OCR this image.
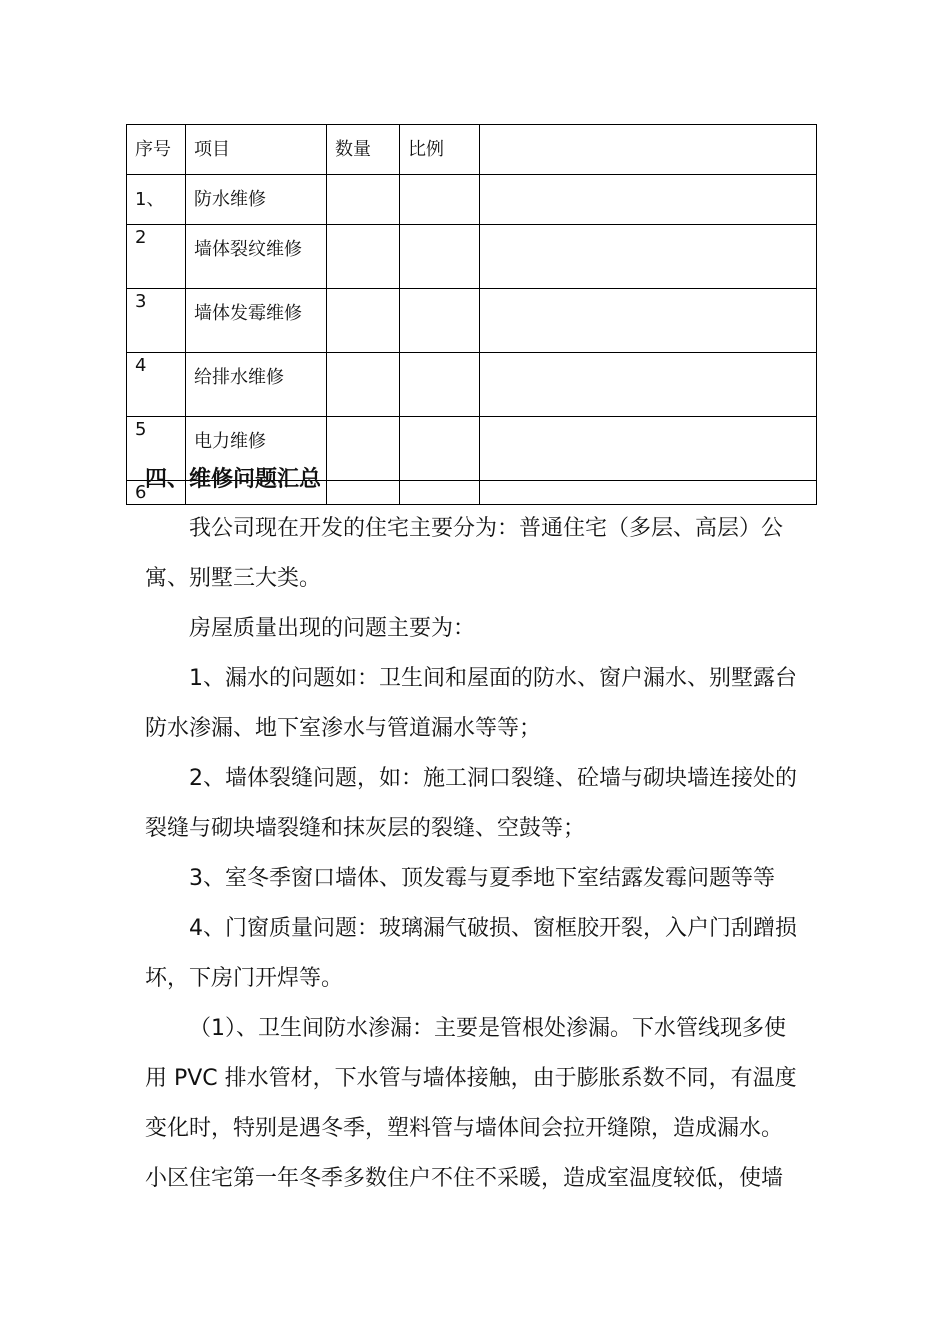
序号	项目	数量	比例	
1、	防水维修			
2	墙体裂纹维修			
3	墙体发霉维修			
4	给排水维修			
5	电力维修			
6				
四、维修问题汇总
我公司现在开发的住宅主要分为：普通住宅（多层、高层）公
寓、别墅三大类。
房屋质量出现的问题主要为：
1、漏水的问题如：卫生间和屋面的防水、窗户漏水、别墅露台
防水渗漏、地下室渗水与管道漏水等等；
2、墙体裂缝问题，如：施工洞口裂缝、砼墙与砌块墙连接处的
裂缝与砌块墙裂缝和抹灰层的裂缝、空鼓等；
3、室冬季窗口墙体、顶发霉与夏季地下室结露发霉问题等等
4、门窗质量问题：玻璃漏气破损、窗框胶开裂，入户门刮蹭损
坏，下房门开焊等。
（1）、卫生间防水渗漏：主要是管根处渗漏。下水管线现多使
用 PVC 排水管材，下水管与墙体接触，由于膨胀系数不同，有温度
变化时，特别是遇冬季，塑料管与墙体间会拉开缝隙，造成漏水。
小区住宅第一年冬季多数住户不住不采暖，造成室温度较低，使墙
